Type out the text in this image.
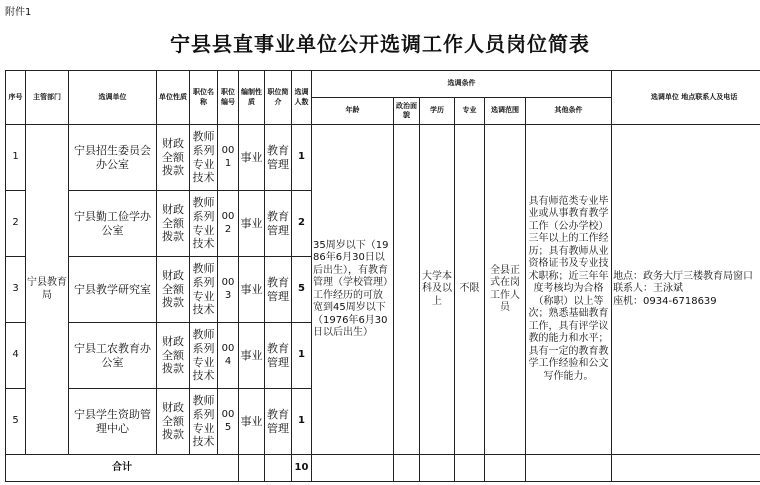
附件1
宁县县直事业单位公开选调工作人员岗位简表
序号	主管部门	选调单位	单位性质	职位名称	职位编号	编制性质	职位简介	选调人数	选调条件						选调单位 地点联系人及电话
									年龄	政治面貌	学历	专业	选调范围	其他条件	
1	宁县教育局	宁县招生委员会办公室	财政全额拨款	教师系列专业技术	001	事业	教育管理	1	35周岁以下（1986年6月30日以后出生），有教育管理（学校管理）工作经历的可放宽到45周岁以下（1976年6月30日以后出生）		大学本科及以上	不限	全县正式在岗工作人员	具有师范类专业毕业或从事教育教学工作（公办学校）三年以上的工作经历；具有教师从业资格证书及专业技术职称；近三年年度考核均为合格（称职）以上等次；熟悉基础教育工作，具有评学议教的能力和水平；具有一定的教育教学工作经验和公文写作能力。	地点：政务大厅三楼教育局窗口
联系人：王泳斌
座机：0934-6718639

2		宁县勤工俭学办公室	财政全额拨款	教师系列专业技术	002	事业	教育管理	2							
3		宁县教学研究室	财政全额拨款	教师系列专业技术	003	事业	教育管理	5							
4		宁县工农教育办公室	财政全额拨款	教师系列专业技术	004	事业	教育管理	1							
5		宁县学生资助管理中心	财政全额拨款	教师系列专业技术	005	事业	教育管理	1							
合计								10							
